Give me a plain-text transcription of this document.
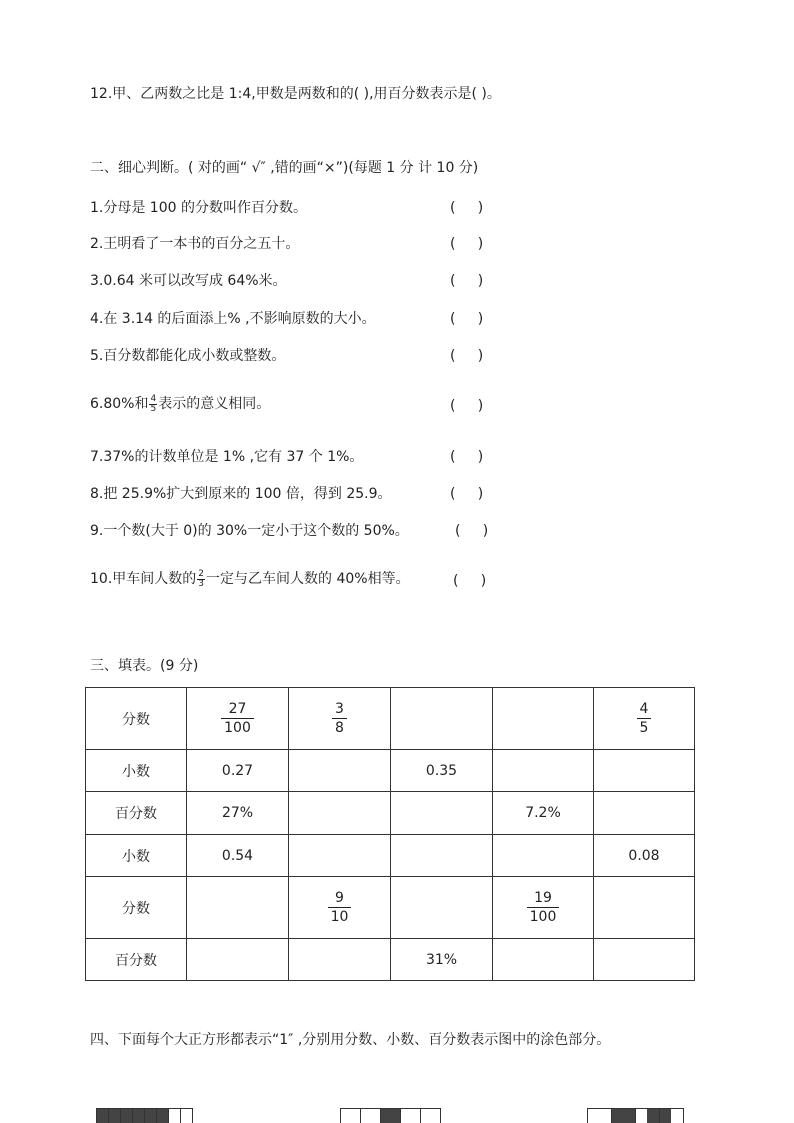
12.甲、乙两数之比是 1:4,甲数是两数和的( ),用百分数表示是( )。
二、细心判断。( 对的画“ √″ ,错的画“×”)(每题 1 分 计 10 分)
1.分母是 100 的分数叫作百分数。	(     )
2.王明看了一本书的百分之五十。	(     )
3.0.64 米可以改写成 64%米。	(     )
4.在 3.14 的后面添上% ,不影响原数的大小。	(     )
5.百分数都能化成小数或整数。	(     )
6.80%和 $\frac{4}{5}$ 表示的意义相同。	(     )
7.37%的计数单位是 1% ,它有 37 个 1%。	(     )
8.把 25.9%扩大到原来的 100 倍，得到 25.9。	(     )
9.一个数(大于 0)的 30%一定小于这个数的 50%。	(     )
10.甲车间人数的 $\frac{2}{3}$ 一定与乙车间人数的 40%相等。	(     )
三、填表。(9 分)
分数	$\frac{27}{100}$	$\frac{3}{8}$			$\frac{4}{5}$

小数	0.27		0.35		
百分数	27%			7.2%	
小数	0.54				0.08
分数		$\frac{9}{10}$		$\frac{19}{100}$

百分数			31%		
四、下面每个大正方形都表示“1″ ,分别用分数、小数、百分数表示图中的涂色部分。
